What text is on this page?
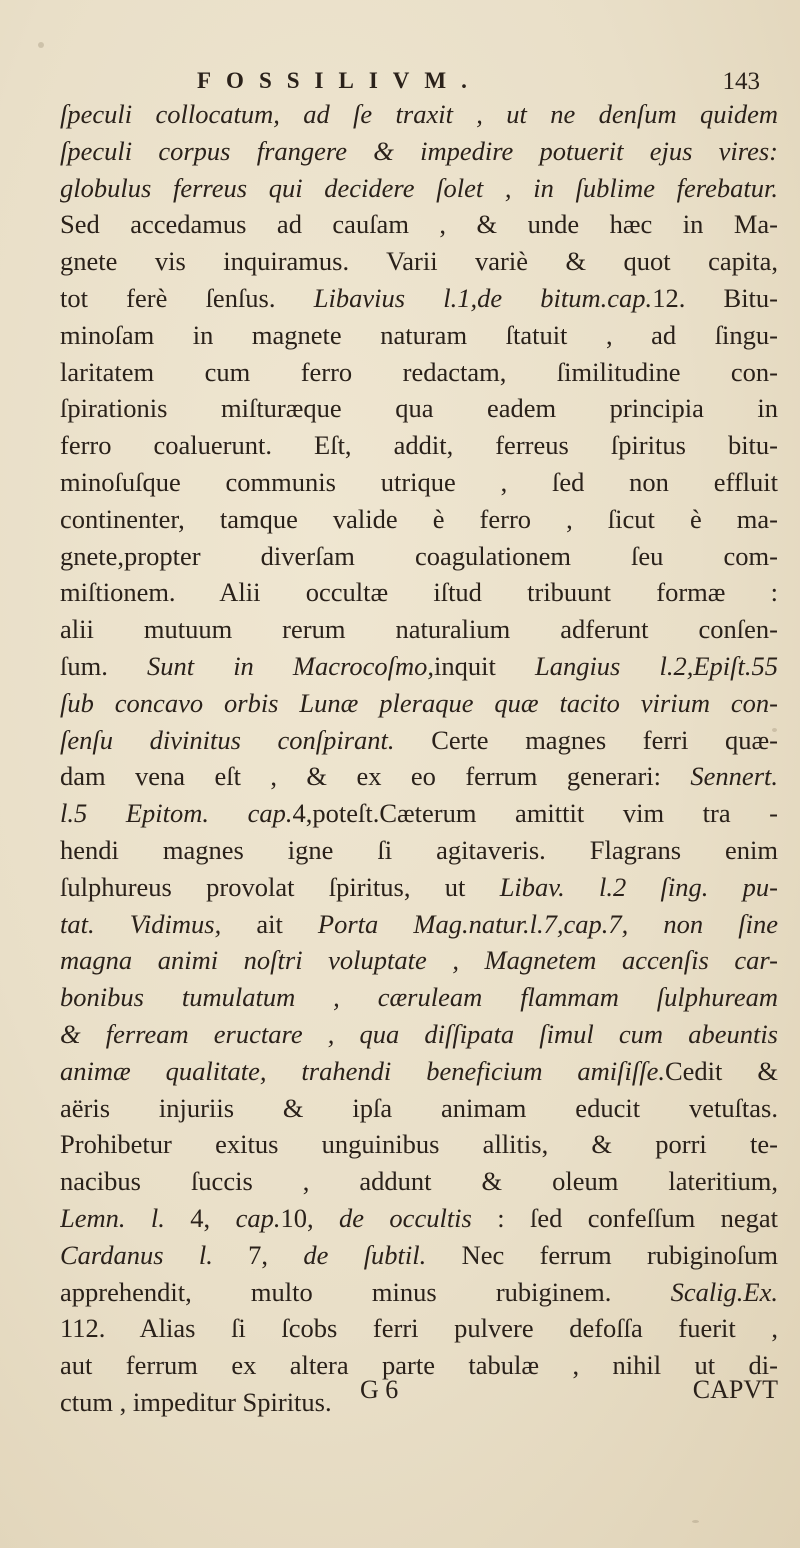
FOSSILIVM.	143
ſpeculi collocatum, ad ſe traxit , ut ne denſum quidem
ſpeculi corpus frangere & impedire potuerit ejus vires:
globulus ferreus qui decidere ſolet , in ſublime ferebatur.
Sed accedamus ad cauſam , & unde hæc in Ma-
gnete vis inquiramus. Varii variè & quot capita,
tot ferè ſenſus. Libavius l.1,de bitum.cap.12. Bitu-
minoſam in magnete naturam ſtatuit , ad ſingu-
laritatem cum ferro redactam, ſimilitudine con-
ſpirationis miſturæque qua eadem principia in
ferro coaluerunt. Eſt, addit, ferreus ſpiritus bitu-
minoſuſque communis utrique , ſed non effluit
continenter, tamque valide è ferro , ſicut è ma-
gnete,propter diverſam coagulationem ſeu com-
miſtionem. Alii occultæ iſtud tribuunt formæ :
alii mutuum rerum naturalium adferunt conſen-
ſum. Sunt in Macrocoſmo,inquit Langius l.2,Epiſt.55
ſub concavo orbis Lunæ pleraque quæ tacito virium con-
ſenſu divinitus conſpirant. Certe magnes ferri quæ-
dam vena eſt , & ex eo ferrum generari: Sennert.
l.5 Epitom. cap.4,poteſt.Cæterum amittit vim tra -
hendi magnes igne ſi agitaveris. Flagrans enim
ſulphureus provolat ſpiritus, ut Libav. l.2 ſing. pu-
tat. Vidimus, ait Porta Mag.natur.l.7,cap.7, non ſine
magna animi noſtri voluptate , Magnetem accenſis car-
bonibus tumulatum , cæruleam flammam ſulphuream
& ferream eructare , qua diſſipata ſimul cum abeuntis
animæ qualitate, trahendi beneficium amiſiſſe.Cedit &
aëris injuriis & ipſa animam educit vetuſtas.
Prohibetur exitus unguinibus allitis, & porri te-
nacibus ſuccis , addunt & oleum lateritium,
Lemn. l. 4, cap.10, de occultis : ſed confeſſum negat
Cardanus l. 7, de ſubtil. Nec ferrum rubiginoſum
apprehendit, multo minus rubiginem. Scalig.Ex.
112. Alias ſi ſcobs ferri pulvere defoſſa fuerit ,
aut ferrum ex altera parte tabulæ , nihil ut di-
ctum , impeditur Spiritus.	G 6	CAPVT
